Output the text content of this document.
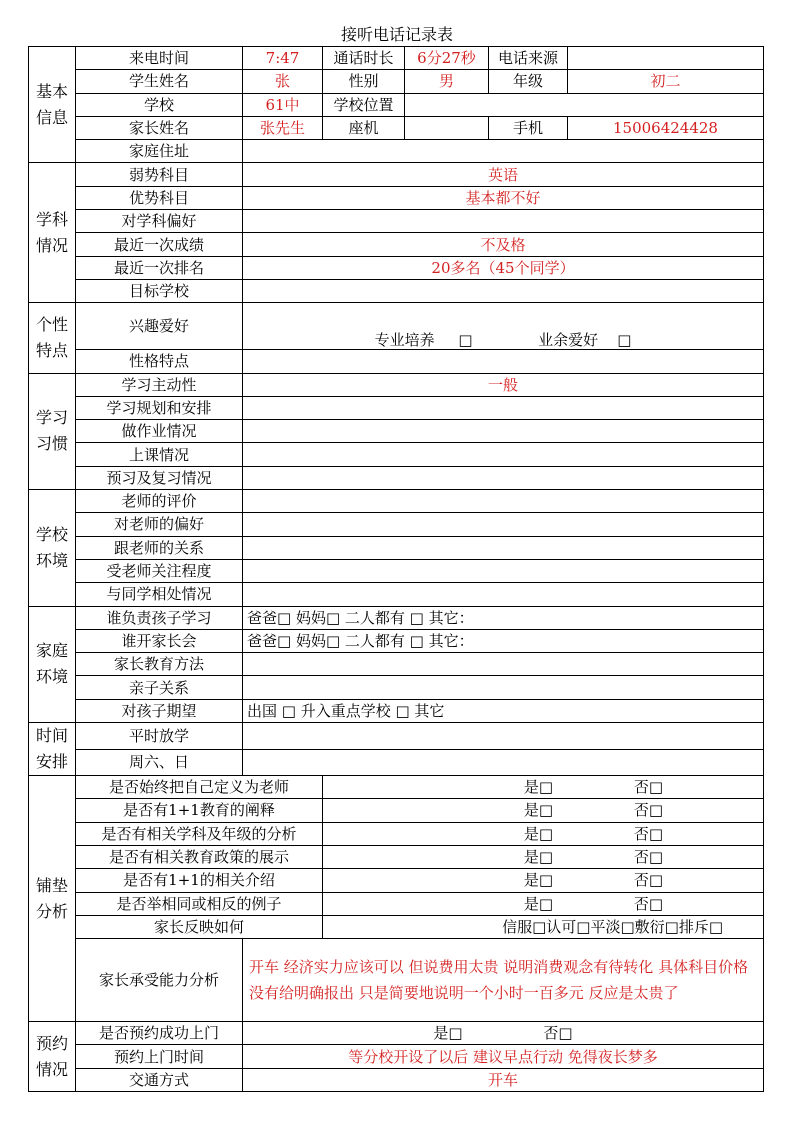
接听电话记录表
基本信息	来电时间	7:47	通话时长	6分27秒	电话来源	
	学生姓名	张	性别	男	年级	初二
	学校	61中	学校位置			
	家长姓名	张先生	座机		手机	15006424428
	家庭住址					
学科情况	弱势科目	英语				
	优势科目	基本都不好				
	对学科偏好					
	最近一次成绩	不及格				
	最近一次排名	20多名（45个同学）				
	目标学校					
个性特点	兴趣爱好	专业培养     □ 业余爱好    □				
	性格特点					
学习习惯	学习主动性	一般				
	学习规划和安排					
	做作业情况					
	上课情况					
	预习及复习情况					
学校环境	老师的评价					
	对老师的偏好					
	跟老师的关系					
	受老师关注程度					
	与同学相处情况					
家庭环境	谁负责孩子学习	爸爸□ 妈妈□ 二人都有 □ 其它：				
	谁开家长会	爸爸□ 妈妈□ 二人都有 □ 其它：				
	家长教育方法					
	亲子关系					
	对孩子期望	出国 □ 升入重点学校 □ 其它				
时间安排	平时放学					
	周六、日					
铺垫分析	是否始终把自己定义为老师		是□ 否□			
	是否有1+1教育的阐释		是□ 否□			
	是否有相关学科及年级的分析		是□ 否□			
	是否有相关教育政策的展示		是□ 否□			
	是否有1+1的相关介绍		是□ 否□			
	是否举相同或相反的例子		是□ 否□			
	家长反映如何		信服□认可□平淡□敷衍□排斥□			
	家长承受能力分析	开车 经济实力应该可以 但说费用太贵 说明消费观念有待转化 具体科目价格没有给明确报出 只是简要地说明一个小时一百多元 反应是太贵了				
预约情况	是否预约成功上门	是□ 否□				
	预约上门时间	等分校开设了以后 建议早点行动 免得夜长梦多				
	交通方式	开车				
